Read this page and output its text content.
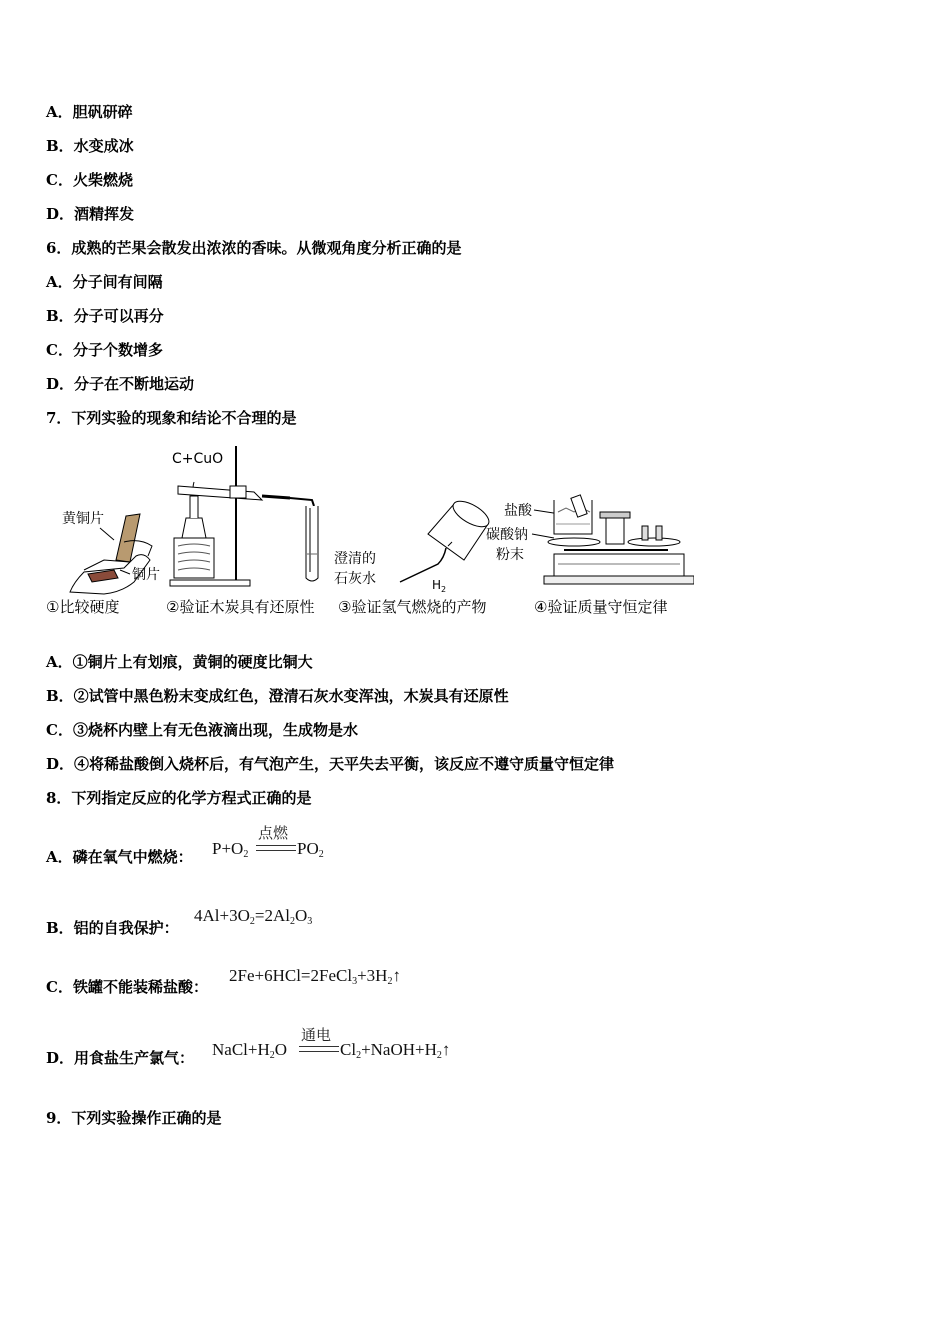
A．胆矾研碎
B．水变成冰
C．火柴燃烧
D．酒精挥发
6．成熟的芒果会散发出浓浓的香味。从微观角度分析正确的是
A．分子间有间隔
B．分子可以再分
C．分子个数增多
D．分子在不断地运动
7．下列实验的现象和结论不合理的是
黄铜片
铜片
C+CuO
澄清的
石灰水	$H_2$
盐酸
碳酸钠
粉末
①比较硬度	②验证木炭具有还原性 ③验证氢气燃烧的产物	④验证质量守恒定律
A．①铜片上有划痕，黄铜的硬度比铜大
B．②试管中黑色粉末变成红色，澄清石灰水变浑浊，木炭具有还原性
C．③烧杯内壁上有无色液滴出现，生成物是水
D．④将稀盐酸倒入烧杯后，有气泡产生，天平失去平衡，该反应不遵守质量守恒定律
8．下列指定反应的化学方程式正确的是
A．磷在氧气中燃烧： $P+O_2$
点燃
$PO_2$
B．铝的自我保护：
$4Al+3O_2=2Al_2O_3$
C．铁罐不能装稀盐酸：
$2Fe+6HCl=2FeCl_3+3H_2↑$
D．用食盐生产氯气： $NaCl+H_2O$
通电
$Cl_2+NaOH+H_2↑$
9．下列实验操作正确的是
